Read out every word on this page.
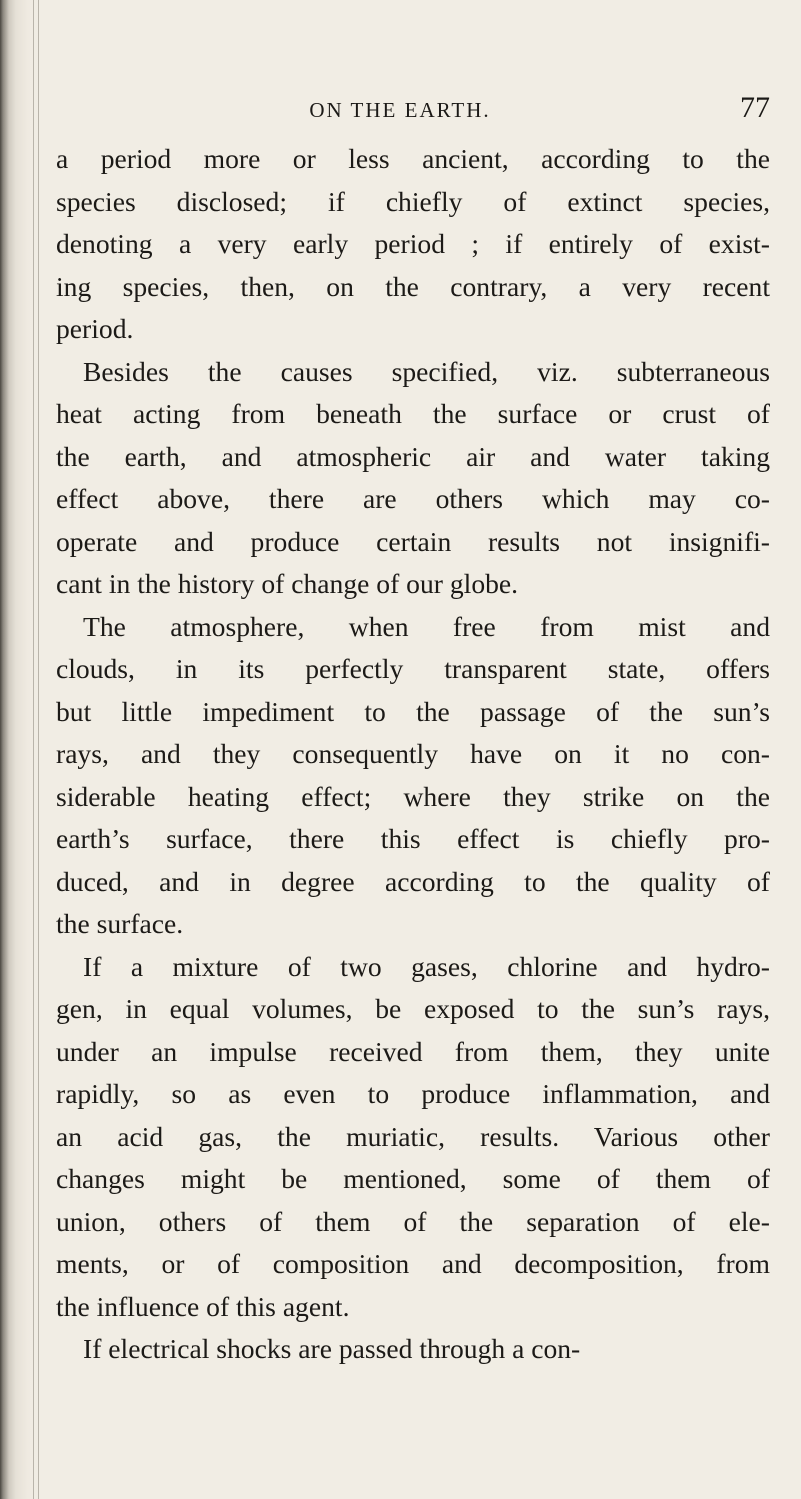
ON THE EARTH.	77
a period more or less ancient, according to the
species disclosed; if chiefly of extinct species,
denoting a very early period ; if entirely of exist-
ing species, then, on the contrary, a very recent
period.
Besides the causes specified, viz. subterraneous
heat acting from beneath the surface or crust of
the earth, and atmospheric air and water taking
effect above, there are others which may co-
operate and produce certain results not insignifi-
cant in the history of change of our globe.
The atmosphere, when free from mist and
clouds, in its perfectly transparent state, offers
but little impediment to the passage of the sun’s
rays, and they consequently have on it no con-
siderable heating effect; where they strike on the
earth’s surface, there this effect is chiefly pro-
duced, and in degree according to the quality of
the surface.
If a mixture of two gases, chlorine and hydro-
gen, in equal volumes, be exposed to the sun’s rays,
under an impulse received from them, they unite
rapidly, so as even to produce inflammation, and
an acid gas, the muriatic, results. Various other
changes might be mentioned, some of them of
union, others of them of the separation of ele-
ments, or of composition and decomposition, from
the influence of this agent.
If electrical shocks are passed through a con-
